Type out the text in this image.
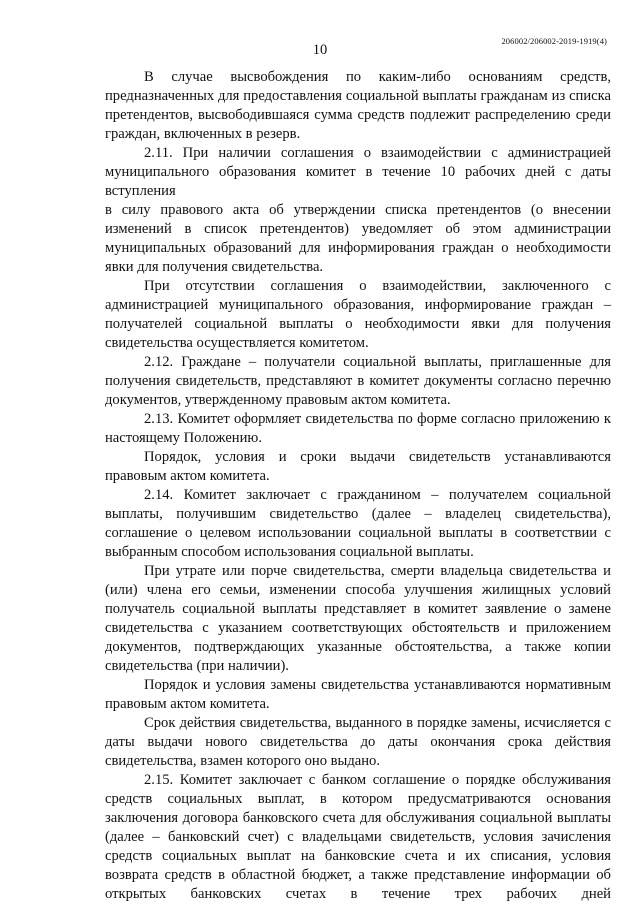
206002/206002-2019-1919(4)
10

В случае высвобождения по каким-либо основаниям средств, предназначенных для предоставления социальной выплаты гражданам из списка претендентов, высвободившаяся сумма средств подлежит распределению среди граждан, включенных в резерв.

2.11. При наличии соглашения о взаимодействии с администрацией муниципального образования комитет в течение 10 рабочих дней с даты вступления

в силу правового акта об утверждении списка претендентов (о внесении изменений в список претендентов) уведомляет об этом администрации муниципальных образований для информирования граждан о необходимости явки для получения свидетельства.

При отсутствии соглашения о взаимодействии, заключенного с администрацией муниципального образования, информирование граждан – получателей социальной выплаты о необходимости явки для получения свидетельства осуществляется комитетом.

2.12. Граждане – получатели социальной выплаты, приглашенные для получения свидетельств, представляют в комитет документы согласно перечню документов, утвержденному правовым актом комитета.

2.13. Комитет оформляет свидетельства по форме согласно приложению к настоящему Положению.

Порядок, условия и сроки выдачи свидетельств устанавливаются правовым актом комитета.

2.14. Комитет заключает с гражданином – получателем социальной выплаты, получившим свидетельство (далее – владелец свидетельства), соглашение о целевом использовании социальной выплаты в соответствии с выбранным способом использования социальной выплаты.

При утрате или порче свидетельства, смерти владельца свидетельства и (или) члена его семьи, изменении способа улучшения жилищных условий получатель социальной выплаты представляет в комитет заявление о замене свидетельства с указанием соответствующих обстоятельств и приложением документов, подтверждающих указанные обстоятельства, а также копии свидетельства (при наличии).

Порядок и условия замены свидетельства устанавливаются нормативным правовым актом комитета.

Срок действия свидетельства, выданного в порядке замены, исчисляется с даты выдачи нового свидетельства до даты окончания срока действия свидетельства, взамен которого оно выдано.

2.15. Комитет заключает с банком соглашение о порядке обслуживания средств социальных выплат, в котором предусматриваются основания заключения договора банковского счета для обслуживания социальной выплаты (далее – банковский счет) с владельцами свидетельств, условия зачисления средств социальных выплат на банковские счета и их списания, условия возврата средств в областной бюджет, а также представление информации об открытых банковских счетах в течение трех рабочих дней
